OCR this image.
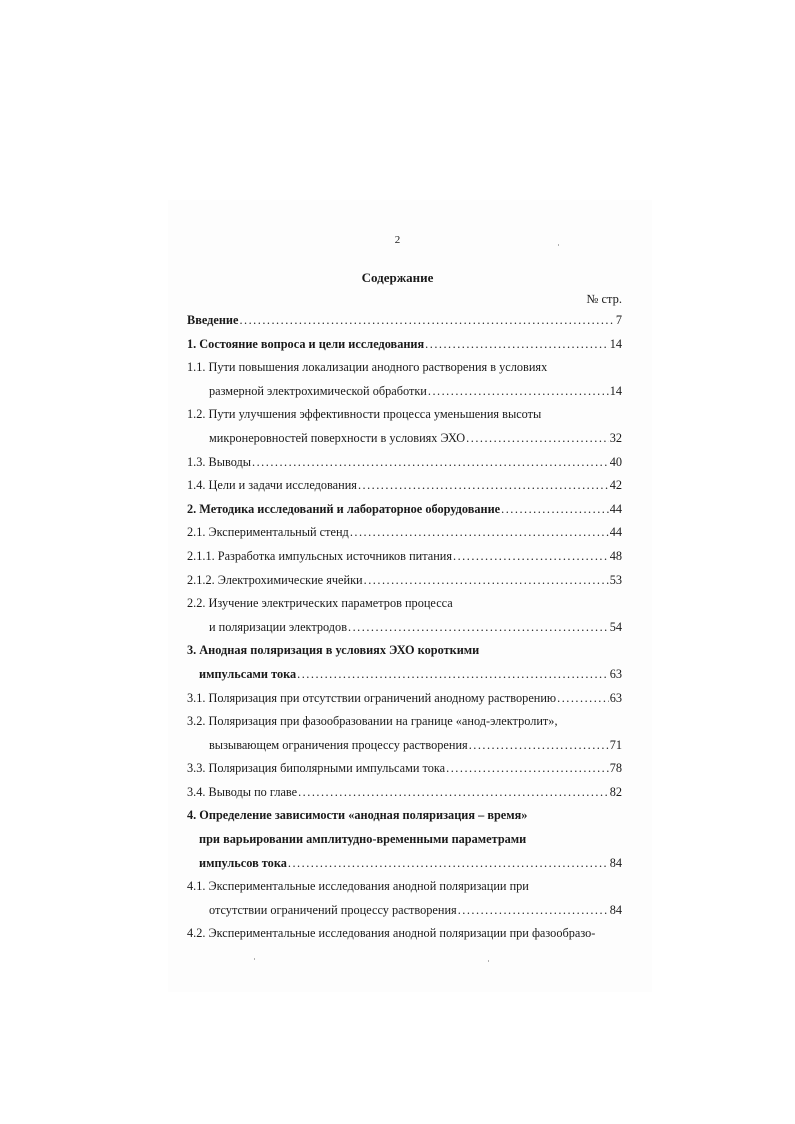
2
Содержание
№ стр.
Введение .....	7
1. Состояние вопроса и цели исследования .....	14
1.1. Пути повышения локализации анодного растворения в условиях
размерной электрохимической обработки .....	14
1.2. Пути улучшения эффективности процесса уменьшения высоты
микронеровностей поверхности в условиях ЭХО .....	32
1.3. Выводы .....	40
1.4. Цели и задачи исследования .....	42
2. Методика исследований и лабораторное оборудование .....	44
2.1. Экспериментальный стенд .....	44
2.1.1. Разработка импульсных источников питания .....	48
2.1.2. Электрохимические ячейки .....	53
2.2. Изучение электрических параметров процесса
и поляризации электродов .....	54
3. Анодная поляризация в условиях ЭХО короткими
импульсами тока .....	63
3.1. Поляризация при отсутствии ограничений анодному растворению .....	63
3.2. Поляризация при фазообразовании на границе «анод-электролит»,
вызывающем ограничения процессу растворения .....	71
3.3. Поляризация биполярными импульсами тока .....	78
3.4. Выводы по главе .....	82
4. Определение зависимости «анодная поляризация – время»
при варьировании амплитудно-временными параметрами
импульсов тока .....	84
4.1. Экспериментальные исследования анодной поляризации при
отсутствии ограничений процессу растворения .....	84
4.2. Экспериментальные исследования анодной поляризации при фазообразо-
